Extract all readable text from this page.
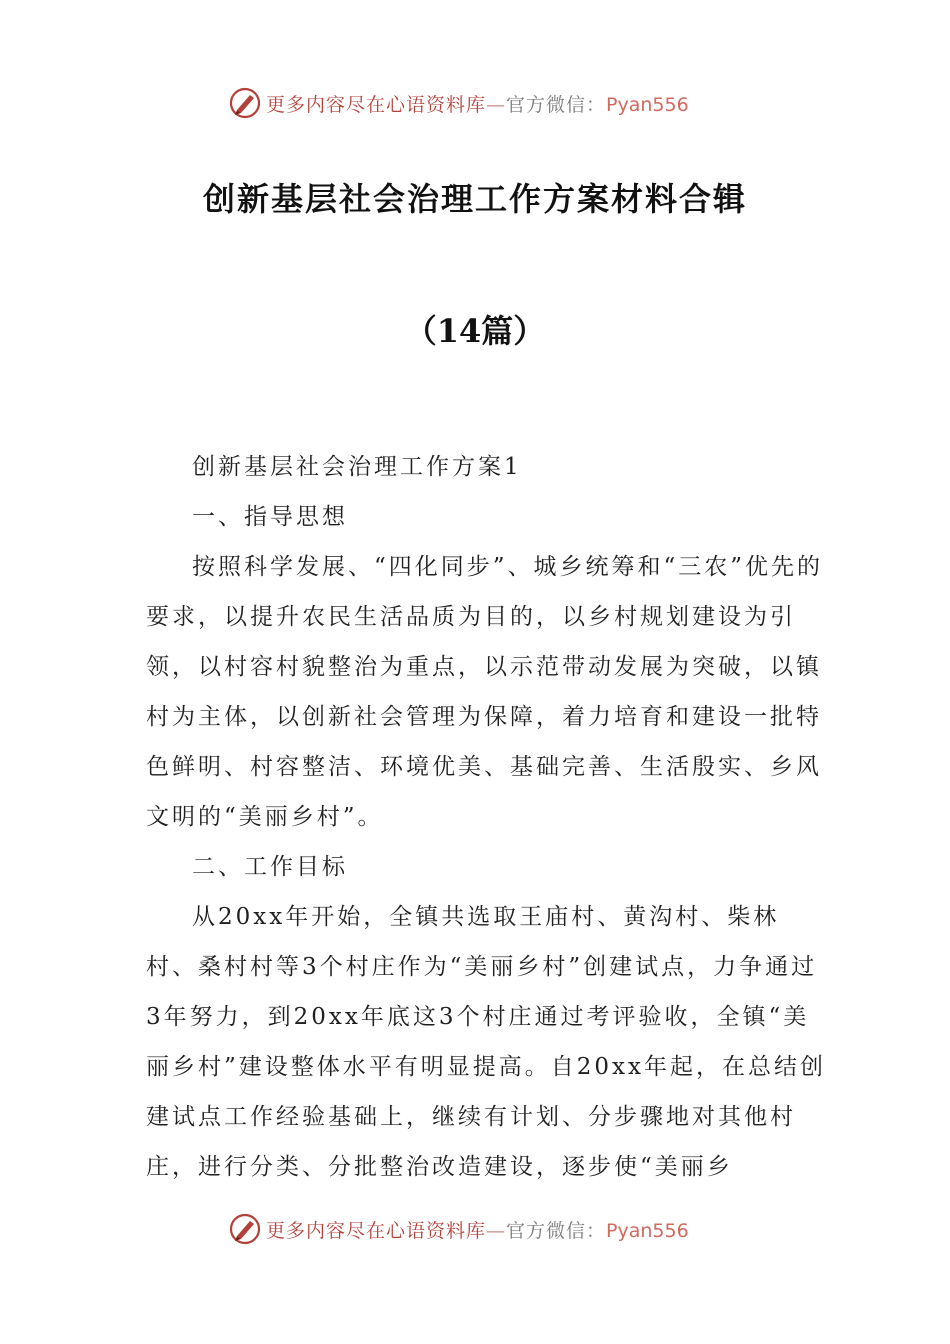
更多内容尽在心语资料库—官方微信：Pyan556
创新基层社会治理工作方案材料合辑
（14篇）

创新基层社会治理工作方案1

一、指导思想

按照科学发展、“四化同步”、城乡统筹和“三农”优先的要求，以提升农民生活品质为目的，以乡村规划建设为引领，以村容村貌整治为重点，以示范带动发展为突破，以镇村为主体，以创新社会管理为保障，着力培育和建设一批特色鲜明、村容整洁、环境优美、基础完善、生活殷实、乡风文明的“美丽乡村”。

二、工作目标

从20xx年开始，全镇共选取王庙村、黄沟村、柴林村、桑村村等3个村庄作为“美丽乡村”创建试点，力争通过3年努力，到20xx年底这3个村庄通过考评验收，全镇“美丽乡村”建设整体水平有明显提高。自20xx年起，在总结创建试点工作经验基础上，继续有计划、分步骤地对其他村庄，进行分类、分批整治改造建设，逐步使“美丽乡

更多内容尽在心语资料库—官方微信：Pyan556
